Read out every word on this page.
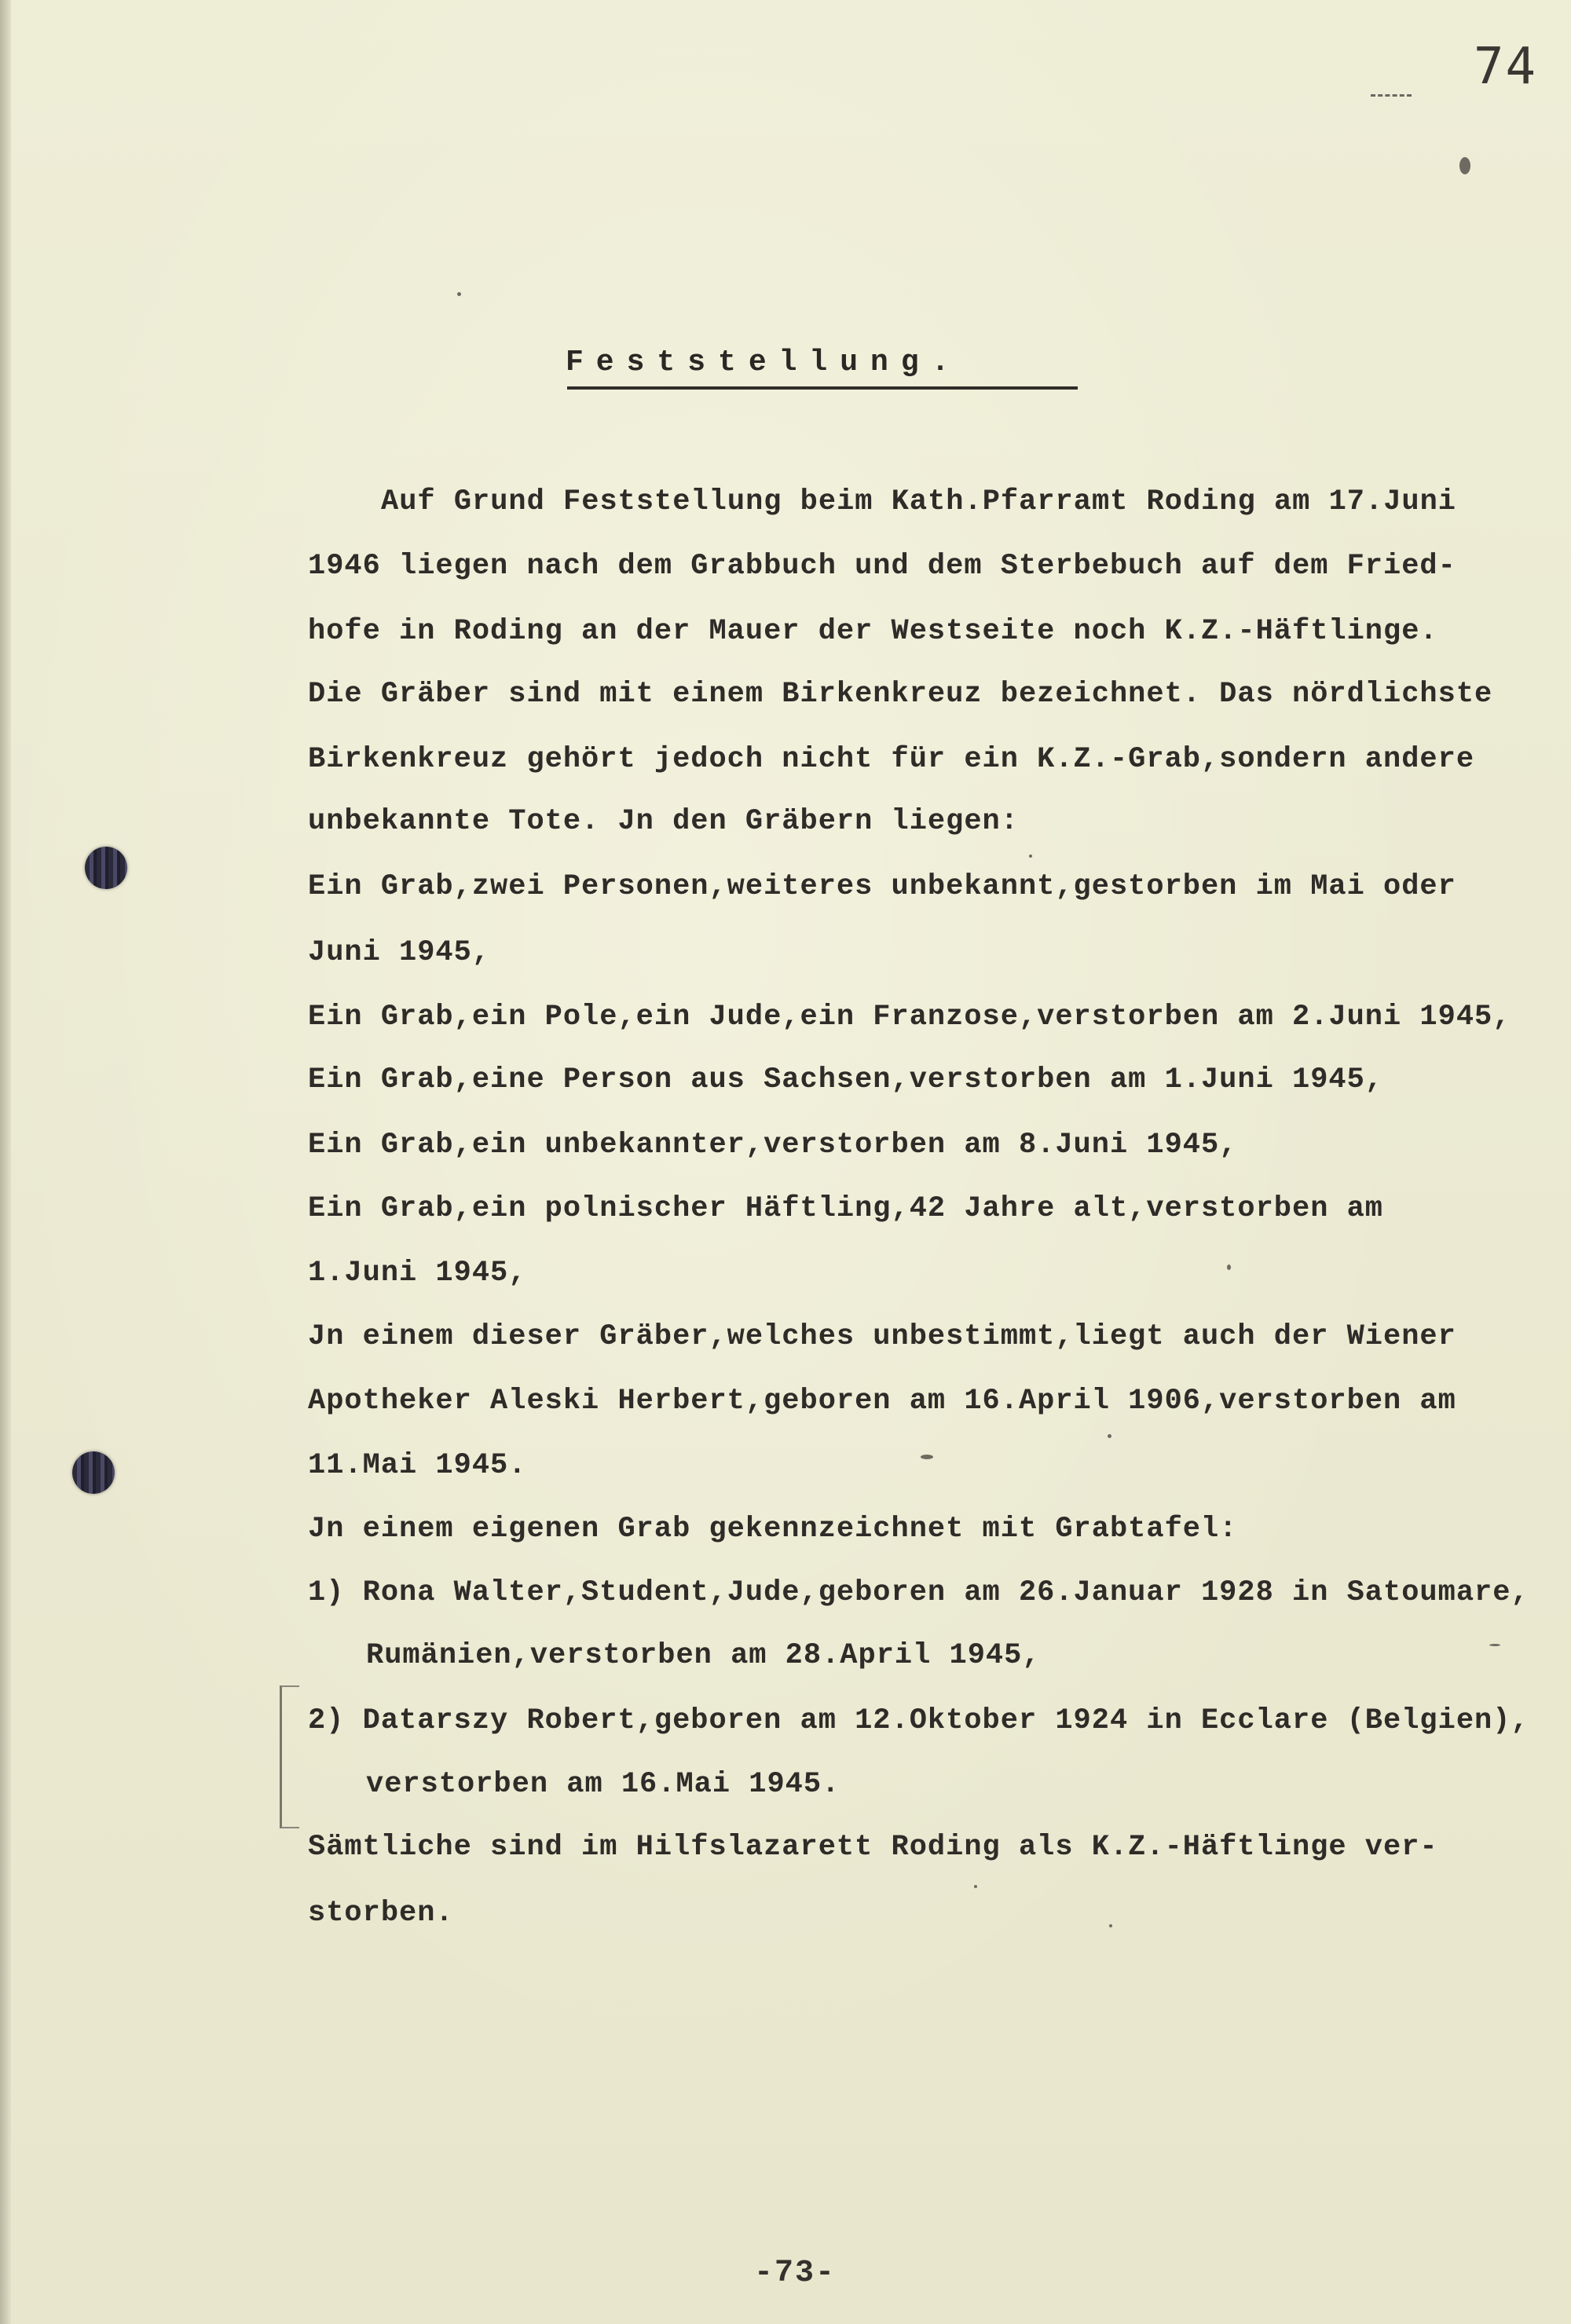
74
Feststellung.
Auf Grund Feststellung beim Kath.Pfarramt Roding am 17.Juni
1946 liegen nach dem Grabbuch und dem Sterbebuch auf dem Fried-
hofe in Roding an der Mauer der Westseite noch K.Z.-Häftlinge.
Die Gräber sind mit einem Birkenkreuz bezeichnet. Das nördlichste
Birkenkreuz gehört jedoch nicht für ein K.Z.-Grab,sondern andere
unbekannte Tote. Jn den Gräbern liegen:
Ein Grab,zwei Personen,weiteres unbekannt,gestorben im Mai oder
Juni 1945,
Ein Grab,ein Pole,ein Jude,ein Franzose,verstorben am 2.Juni 1945,
Ein Grab,eine Person aus Sachsen,verstorben am 1.Juni 1945,
Ein Grab,ein unbekannter,verstorben am 8.Juni 1945,
Ein Grab,ein polnischer Häftling,42 Jahre alt,verstorben am
1.Juni 1945,
Jn einem dieser Gräber,welches unbestimmt,liegt auch der Wiener
Apotheker Aleski Herbert,geboren am 16.April 1906,verstorben am
11.Mai 1945.
Jn einem eigenen Grab gekennzeichnet mit Grabtafel:
1) Rona Walter,Student,Jude,geboren am 26.Januar 1928 in Satoumare,
Rumänien,verstorben am 28.April 1945,
2) Datarszy Robert,geboren am 12.Oktober 1924 in Ecclare (Belgien),
verstorben am 16.Mai 1945.
Sämtliche sind im Hilfslazarett Roding als K.Z.-Häftlinge ver-
storben.
-73-
